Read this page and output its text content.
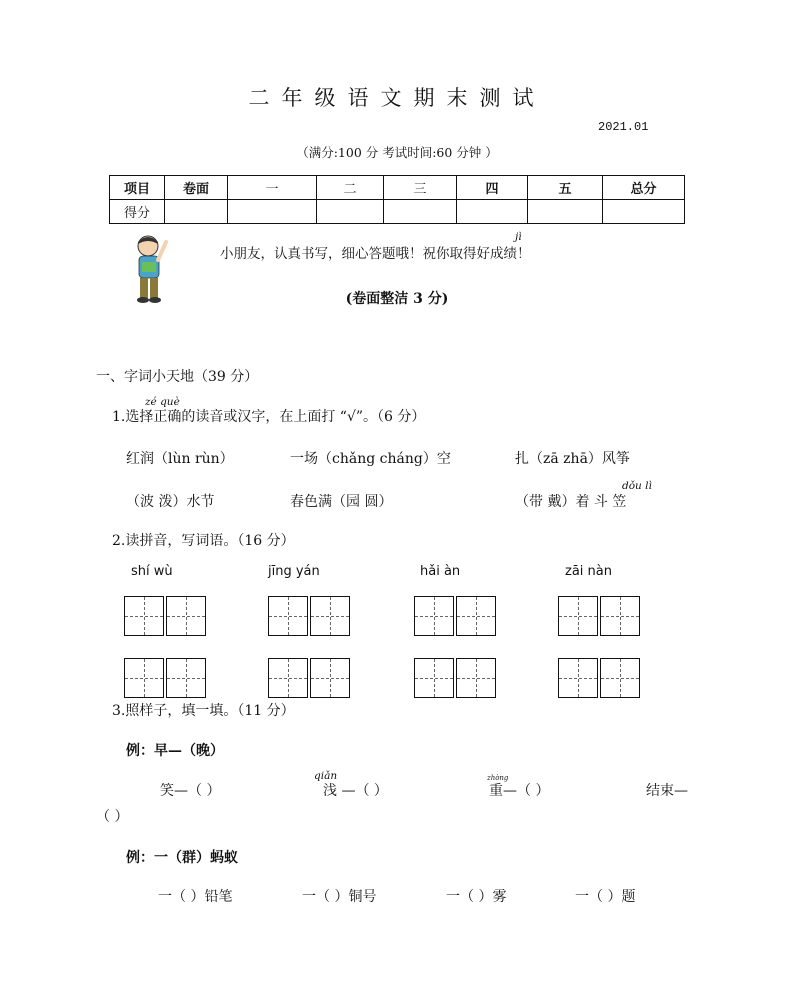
二年级语文期末测试
2021.01
（满分:100 分 考试时间:60 分钟 ）
项目	卷面	一	二	三	四	五	总分
得分							
小朋友，认真书写，细心答题哦！祝你取得好成绩！
jì
(卷面整洁 3 分)
一、字词小天地（39 分）
zé què
1.选择正确的读音或汉字，在上面打 “√”。（6 分）
红润（lùn rùn）	一场（chǎng cháng）空	扎（zā zhā）风筝
dǒu lì
（波 泼）水节	春色满（园 圆）	（带 戴）着 斗 笠
2.读拼音，写词语。（16 分）
shí wù	jīng yán	hǎi àn	zāi nàn
3.照样子，填一填。（11 分）
例：早—（晚）
qiǎn	zhòng
笑—（ ）	浅 —（ ）	重—（ ）	结束—
（ ）
例：一（群）蚂蚁
一（ ）铅笔	一（ ）铜号	一（ ）雾	一（ ）题
